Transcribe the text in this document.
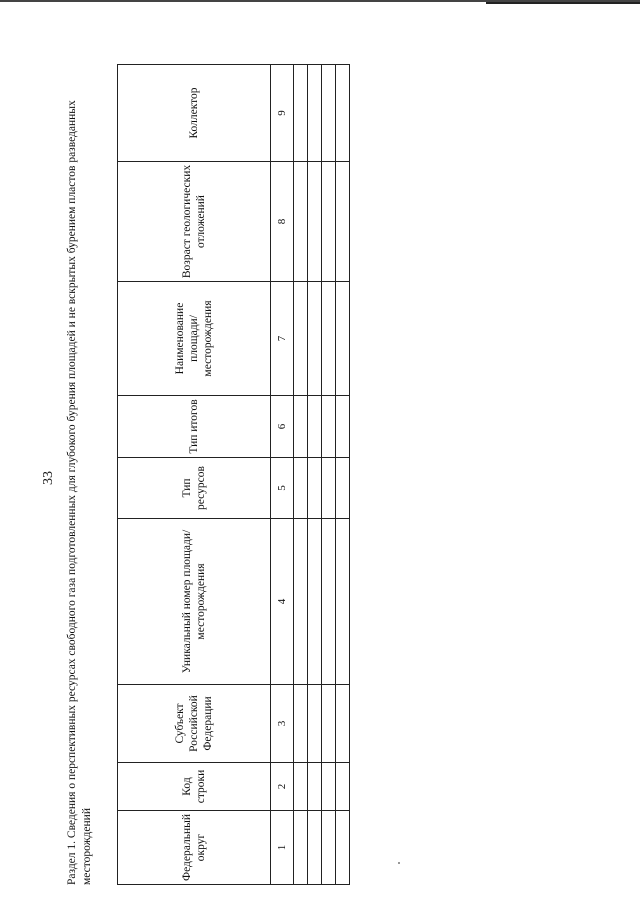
33 Раздел 1. Сведения о перспективных ресурсах свободного газа подготовленных для глубокого бурения площадей и не вскрытых бурением пластов разведанных месторождений	Федеральный округ	Код строки	Субъект Российской Федерации	Уникальный номер площади/месторождения	Тип ресурсов	Тип итогов	Наименование площади/ месторождения	Возраст геологических отложений	Коллектор
1	2	3	4	5	6	7	8	9
